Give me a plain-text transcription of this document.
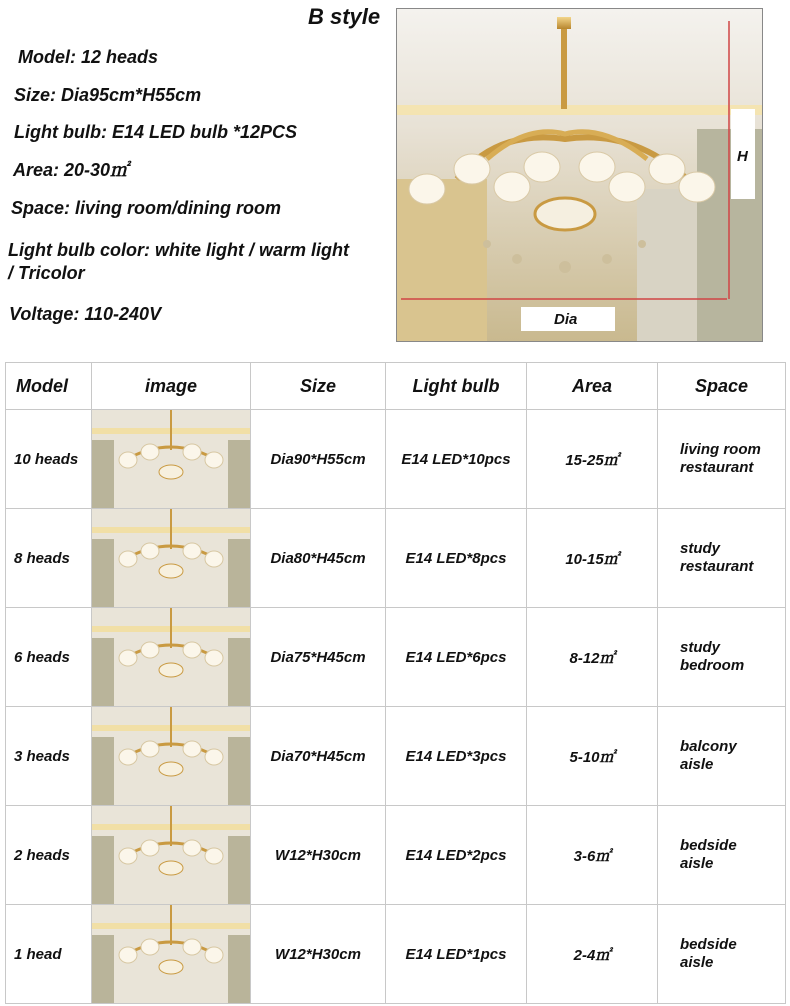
B style
Model: 12 heads
Size: Dia95cm*H55cm
Light bulb: E14 LED bulb *12PCS
Area: 20-30㎡
Space: living room/dining room
Light bulb color: white light / warm light
/ Tricolor
Voltage: 110-240V
H
Dia
Model	image	Size	Light bulb	Area	Space
10 heads		Dia90*H55cm	E14 LED*10pcs	15-25㎡	living room
restaurant

8 heads		Dia80*H45cm	E14 LED*8pcs	10-15㎡	study
restaurant

6 heads		Dia75*H45cm	E14 LED*6pcs	8-12㎡	study
bedroom

3 heads		Dia70*H45cm	E14 LED*3pcs	5-10㎡	balcony
aisle

2 heads		W12*H30cm	E14 LED*2pcs	3-6㎡	bedside
aisle

1 head		W12*H30cm	E14 LED*1pcs	2-4㎡	bedside
aisle
